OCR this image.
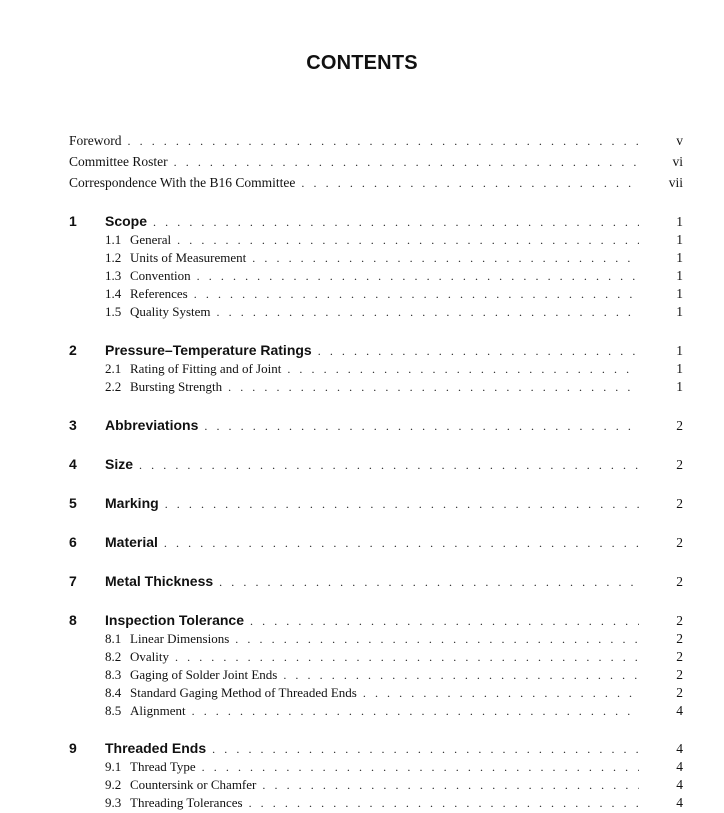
CONTENTS
Foreword . . .	v
Committee Roster . . .	vi
Correspondence With the B16 Committee . . .	vii
1	Scope . . .	1
1.1 General . . .	1
1.2 Units of Measurement . . .	1
1.3 Convention . . .	1
1.4 References . . .	1
1.5 Quality System . . .	1
2	Pressure–Temperature Ratings . . .	1
2.1 Rating of Fitting and of Joint . . .	1
2.2 Bursting Strength . . .	1
3	Abbreviations . . .	2
4	Size . . .	2
5	Marking . . .	2
6	Material . . .	2
7	Metal Thickness . . .	2
8	Inspection Tolerance . . .	2
8.1 Linear Dimensions . . .	2
8.2 Ovality . . .	2
8.3 Gaging of Solder Joint Ends . . .	2
8.4 Standard Gaging Method of Threaded Ends . . .	2
8.5 Alignment . . .	4
9	Threaded Ends . . .	4
9.1 Thread Type . . .	4
9.2 Countersink or Chamfer . . .	4
9.3 Threading Tolerances . . .	4
